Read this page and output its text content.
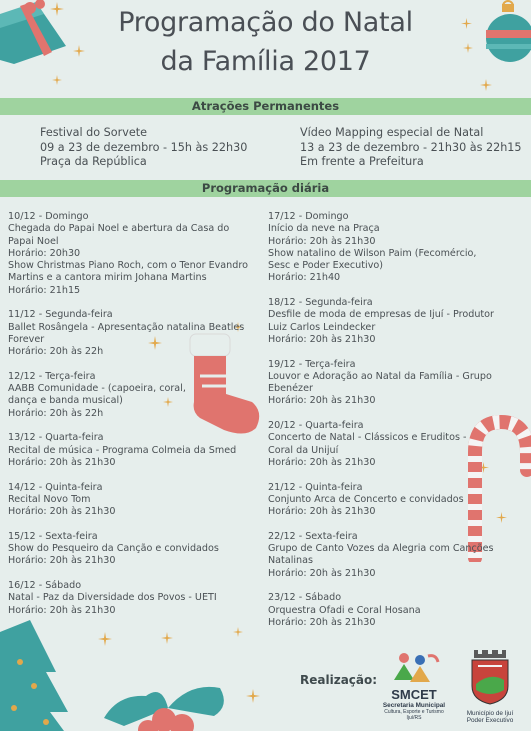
Programação do Natal
da Família 2017
Atrações Permanentes
Festival do Sorvete
09 a 23 de dezembro - 15h às 22h30
Praça da República
Vídeo Mapping especial de Natal
13 a 23 de dezembro - 21h30 às 22h15
Em frente a Prefeitura
Programação diária
10/12 - Domingo
Chegada do Papai Noel e abertura da Casa do Papai Noel
Horário: 20h30
Show Christmas Piano Roch, com o Tenor Evandro Martins e a cantora mirim Johana Martins
Horário: 21h15
11/12 - Segunda-feira
Ballet Rosângela - Apresentação natalina Beatles Forever
Horário: 20h às 22h
12/12 - Terça-feira
AABB Comunidade - (capoeira, coral, dança e banda musical)
Horário: 20h às 22h
13/12 - Quarta-feira
Recital de música - Programa Colmeia da Smed
Horário: 20h às 21h30
14/12 - Quinta-feira
Recital Novo Tom
Horário: 20h às 21h30
15/12 - Sexta-feira
Show do Pesqueiro da Canção e convidados
Horário: 20h às 21h30
16/12 - Sábado
Natal - Paz da Diversidade dos Povos - UETI
Horário: 20h às 21h30
17/12 - Domingo
Início da neve na Praça
Horário: 20h às 21h30
Show natalino de Wilson Paim (Fecomércio, Sesc e Poder Executivo)
Horário: 21h40
18/12 - Segunda-feira
Desfile de moda de empresas de Ijuí - Produtor Luiz Carlos Leindecker
Horário: 20h às 21h30
19/12 - Terça-feira
Louvor e Adoração ao Natal da Família - Grupo Ebenézer
Horário: 20h às 21h30
20/12 - Quarta-feira
Concerto de Natal - Clássicos e Eruditos - Coral da Unijuí
Horário: 20h às 21h30
21/12 - Quinta-feira
Conjunto Arca de Concerto e convidados
Horário: 20h às 21h30
22/12 - Sexta-feira
Grupo de Canto Vozes da Alegria com Canções Natalinas
Horário: 20h às 21h30
23/12 - Sábado
Orquestra Ofadi e Coral Hosana
Horário: 20h às 21h30
Realização:
SMCET
Secretaria Municipal
Cultura, Esporte e Turismo
Ijuí/RS
Município de Ijuí
Poder Executivo
